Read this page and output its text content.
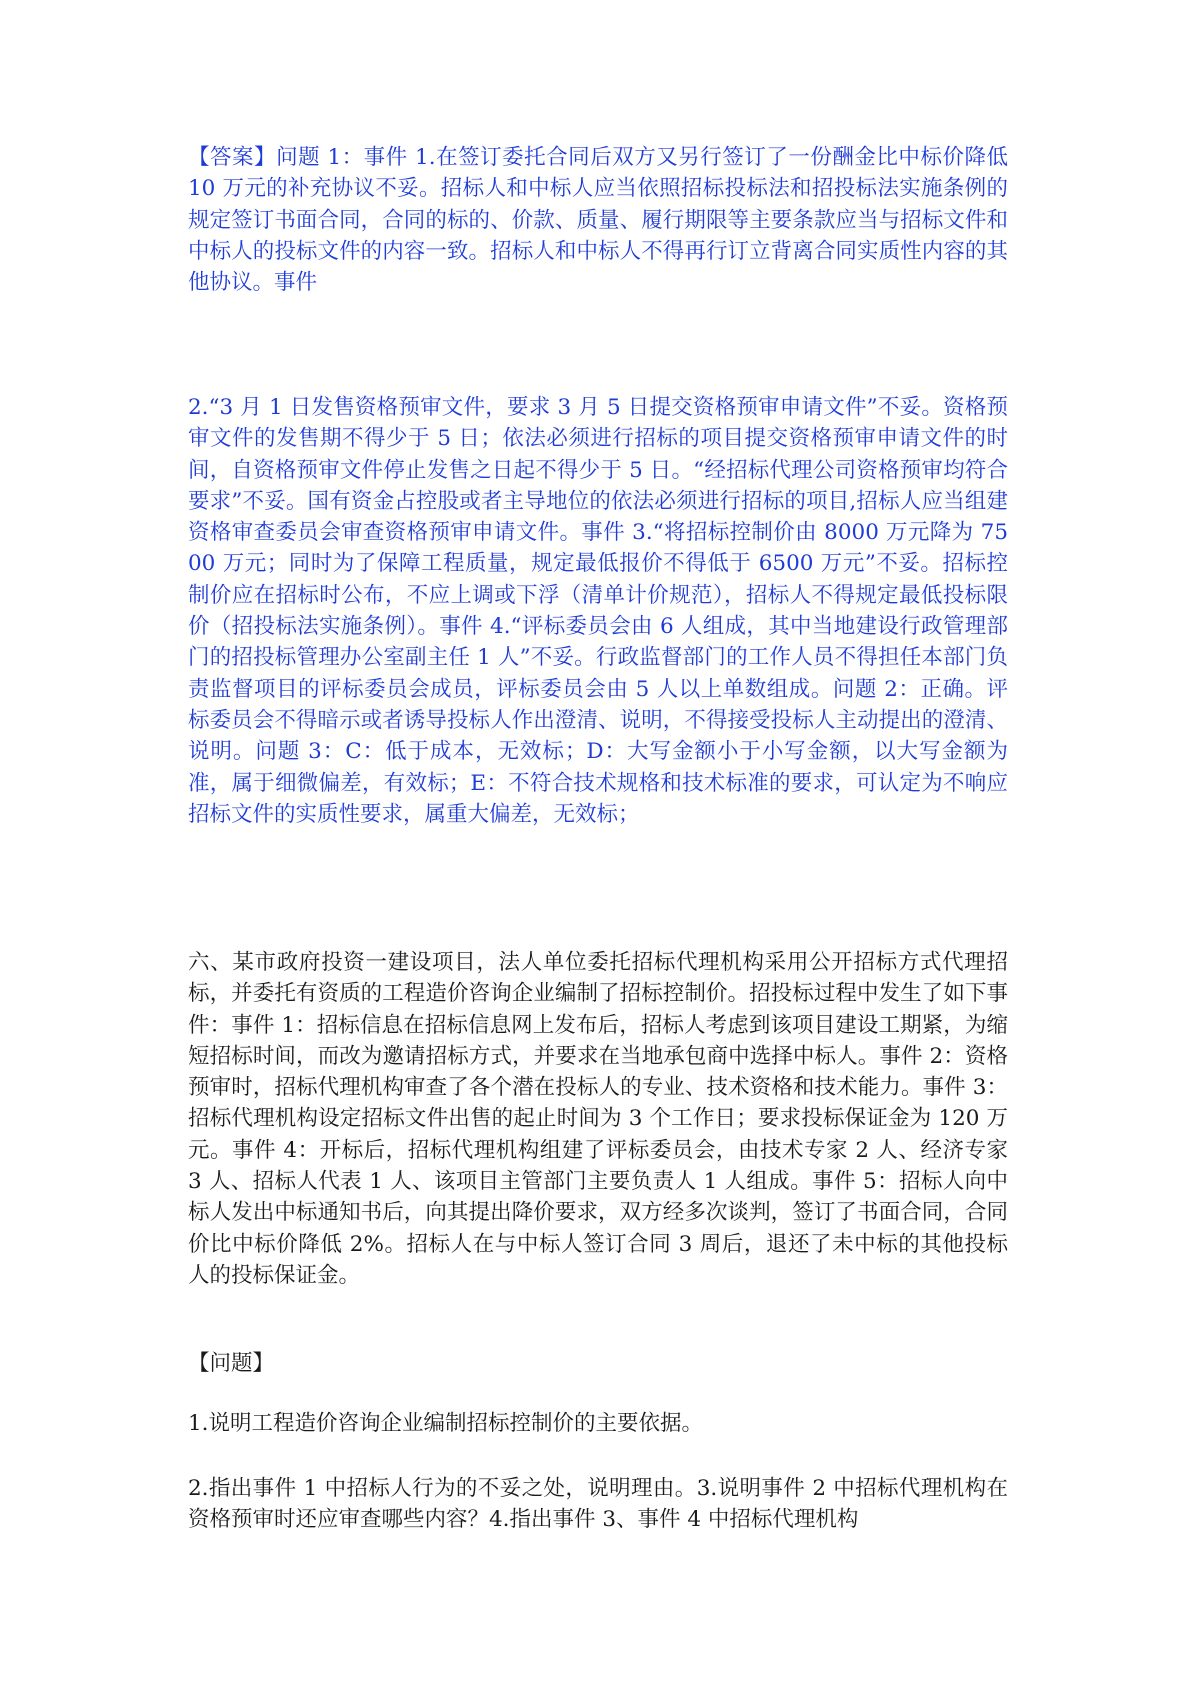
【答案】问题 1：事件 1.在签订委托合同后双方又另行签订了一份酬金比中标价降低 10 万元的补充协议不妥。招标人和中标人应当依照招标投标法和招投标法实施条例的规定签订书面合同，合同的标的、价款、质量、履行期限等主要条款应当与招标文件和中标人的投标文件的内容一致。招标人和中标人不得再行订立背离合同实质性内容的其他协议。事件

2.“3 月 1 日发售资格预审文件，要求 3 月 5 日提交资格预审申请文件”不妥。资格预审文件的发售期不得少于 5 日；依法必须进行招标的项目提交资格预审申请文件的时间，自资格预审文件停止发售之日起不得少于 5 日。“经招标代理公司资格预审均符合要求”不妥。国有资金占控股或者主导地位的依法必须进行招标的项目,招标人应当组建资格审查委员会审查资格预审申请文件。事件 3.“将招标控制价由 8000 万元降为 7500 万元；同时为了保障工程质量，规定最低报价不得低于 6500 万元”不妥。招标控制价应在招标时公布，不应上调或下浮（清单计价规范），招标人不得规定最低投标限价（招投标法实施条例）。事件 4.“评标委员会由 6 人组成，其中当地建设行政管理部门的招投标管理办公室副主任 1 人”不妥。行政监督部门的工作人员不得担任本部门负责监督项目的评标委员会成员，评标委员会由 5 人以上单数组成。问题 2：正确。评标委员会不得暗示或者诱导投标人作出澄清、说明，不得接受投标人主动提出的澄清、说明。问题 3：C：低于成本，无效标；D：大写金额小于小写金额，以大写金额为准，属于细微偏差，有效标；E：不符合技术规格和技术标准的要求，可认定为不响应招标文件的实质性要求，属重大偏差，无效标；

六、某市政府投资一建设项目，法人单位委托招标代理机构采用公开招标方式代理招标，并委托有资质的工程造价咨询企业编制了招标控制价。招投标过程中发生了如下事件：事件 1：招标信息在招标信息网上发布后，招标人考虑到该项目建设工期紧，为缩短招标时间，而改为邀请招标方式，并要求在当地承包商中选择中标人。事件 2：资格预审时，招标代理机构审查了各个潜在投标人的专业、技术资格和技术能力。事件 3：招标代理机构设定招标文件出售的起止时间为 3 个工作日；要求投标保证金为 120 万元。事件 4：开标后，招标代理机构组建了评标委员会，由技术专家 2 人、经济专家 3 人、招标人代表 1 人、该项目主管部门主要负责人 1 人组成。事件 5：招标人向中标人发出中标通知书后，向其提出降价要求，双方经多次谈判，签订了书面合同，合同价比中标价降低 2%。招标人在与中标人签订合同 3 周后，退还了未中标的其他投标人的投标保证金。

【问题】

1.说明工程造价咨询企业编制招标控制价的主要依据。

2.指出事件 1 中招标人行为的不妥之处，说明理由。3.说明事件 2 中招标代理机构在资格预审时还应审查哪些内容？4.指出事件 3、事件 4 中招标代理机构
